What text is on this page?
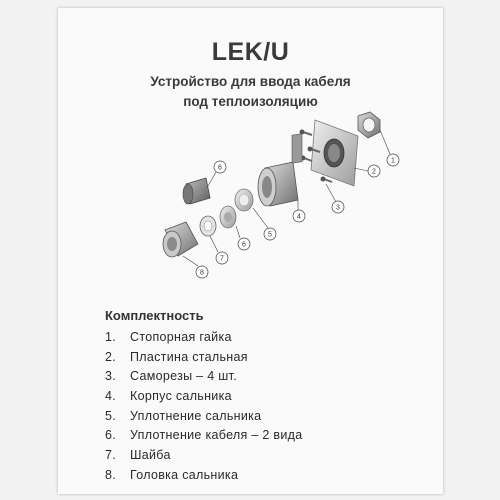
LEK/U
Устройство для ввода кабеля
под теплоизоляцию
1
2
3
4
5
6
6
7
8
Комплектность
1. Стопорная гайка
2. Пластина стальная
3. Саморезы – 4 шт.
4. Корпус сальника
5. Уплотнение сальника
6. Уплотнение кабеля – 2 вида
7. Шайба
8. Головка сальника
